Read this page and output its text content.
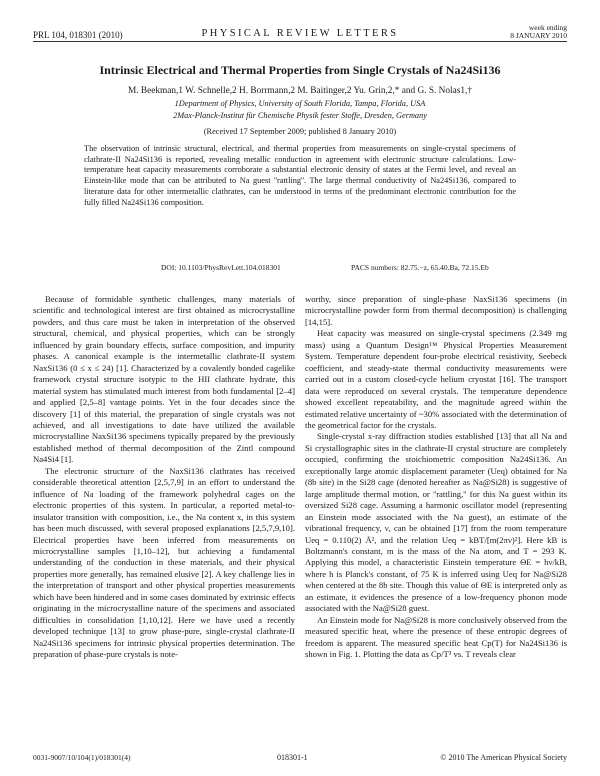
PRL 104, 018301 (2010)	PHYSICAL REVIEW LETTERS
week ending
8 JANUARY 2010
Intrinsic Electrical and Thermal Properties from Single Crystals of Na24Si136
M. Beekman,1 W. Schnelle,2 H. Borrmann,2 M. Baitinger,2 Yu. Grin,2,* and G. S. Nolas1,†
1Department of Physics, University of South Florida, Tampa, Florida, USA
2Max-Planck-Institut für Chemische Physik fester Stoffe, Dresden, Germany
(Received 17 September 2009; published 8 January 2010)
The observation of intrinsic structural, electrical, and thermal properties from measurements on single-crystal specimens of clathrate-II Na24Si136 is reported, revealing metallic conduction in agreement with electronic structure calculations. Low-temperature heat capacity measurements corroborate a substantial electronic density of states at the Fermi level, and reveal an Einstein-like mode that can be attributed to Na guest ''rattling''. The large thermal conductivity of Na24Si136, compared to literature data for other intermetallic clathrates, can be understood in terms of the predominant electronic contribution for the fully filled Na24Si136 composition.
DOI: 10.1103/PhysRevLett.104.018301	PACS numbers: 82.75.−z, 65.40.Ba, 72.15.Eb

Because of formidable synthetic challenges, many materials of scientific and technological interest are first obtained as microcrystalline powders, and thus care must be taken in interpretation of the observed structural, chemical, and physical properties, which can be strongly influenced by grain boundary effects, surface composition, and impurity phases. A canonical example is the intermetallic clathrate-II system NaxSi136 (0 ≤ x ≤ 24) [1]. Characterized by a covalently bonded cagelike framework crystal structure isotypic to the HII clathrate hydrate, this material system has stimulated much interest from both fundamental [2–4] and applied [2,5–8] vantage points. Yet in the four decades since the discovery [1] of this material, the preparation of single crystals was not achieved, and all investigations to date have utilized the available microcrystalline NaxSi136 specimens typically prepared by the previously established method of thermal decomposition of the Zintl compound Na4Si4 [1].

The electronic structure of the NaxSi136 clathrates has received considerable theoretical attention [2,5,7,9] in an effort to understand the influence of Na loading of the framework polyhedral cages on the electronic properties of this system. In particular, a reported metal-to-insulator transition with composition, i.e., the Na content x, in this system has been much discussed, with several proposed explanations [2,5,7,9,10]. Electrical properties have been inferred from measurements on microcrystalline samples [1,10–12], but achieving a fundamental understanding of the conduction in these materials, and their physical properties more generally, has remained elusive [2]. A key challenge lies in the interpretation of transport and other physical properties measurements which have been hindered and in some cases dominated by extrinsic effects originating in the microcrystalline nature of the specimens and associated difficulties in consolidation [1,10,12]. Here we have used a recently developed technique [13] to grow phase-pure, single-crystal clathrate-II Na24Si136 specimens for intrinsic physical properties determination. The preparation of phase-pure crystals is note-

worthy, since preparation of single-phase NaxSi136 specimens (in microcrystalline powder form from thermal decomposition) is challenging [14,15].

Heat capacity was measured on single-crystal specimens (2.349 mg mass) using a Quantum Design™ Physical Properties Measurement System. Temperature dependent four-probe electrical resistivity, Seebeck coefficient, and steady-state thermal conductivity measurements were carried out in a custom closed-cycle helium cryostat [16]. The transport data were reproduced on several crystals. The temperature dependence showed excellent repeatability, and the magnitude agreed within the estimated relative uncertainty of ~30% associated with the determination of the geometrical factor for the crystals.

Single-crystal x-ray diffraction studies established [13] that all Na and Si crystallographic sites in the clathrate-II crystal structure are completely occupied, confirming the stoichiometric composition Na24Si136. An exceptionally large atomic displacement parameter (Ueq) obtained for Na (8b site) in the Si28 cage (denoted hereafter as Na@Si28) is suggestive of large amplitude thermal motion, or ''rattling,'' for this Na guest within its oversized Si28 cage. Assuming a harmonic oscillator model (representing an Einstein mode associated with the Na guest), an estimate of the vibrational frequency, ν, can be obtained [17] from the room temperature Ueq = 0.110(2) Å², and the relation Ueq = kBT/[m(2πν)²]. Here kB is Boltzmann's constant, m is the mass of the Na atom, and T = 293 K. Applying this model, a characteristic Einstein temperature ΘE = hν/kB, where h is Planck's constant, of 75 K is inferred using Ueq for Na@Si28 when centered at the 8b site. Though this value of ΘE is interpreted only as an estimate, it evidences the presence of a low-frequency phonon mode associated with the Na@Si28 guest.

An Einstein mode for Na@Si28 is more conclusively observed from the measured specific heat, where the presence of these entropic degrees of freedom is apparent. The measured specific heat Cp(T) for Na24Si136 is shown in Fig. 1. Plotting the data as Cp/T³ vs. T reveals clear

0031-9007/10/104(1)/018301(4)	018301-1	© 2010 The American Physical Society
